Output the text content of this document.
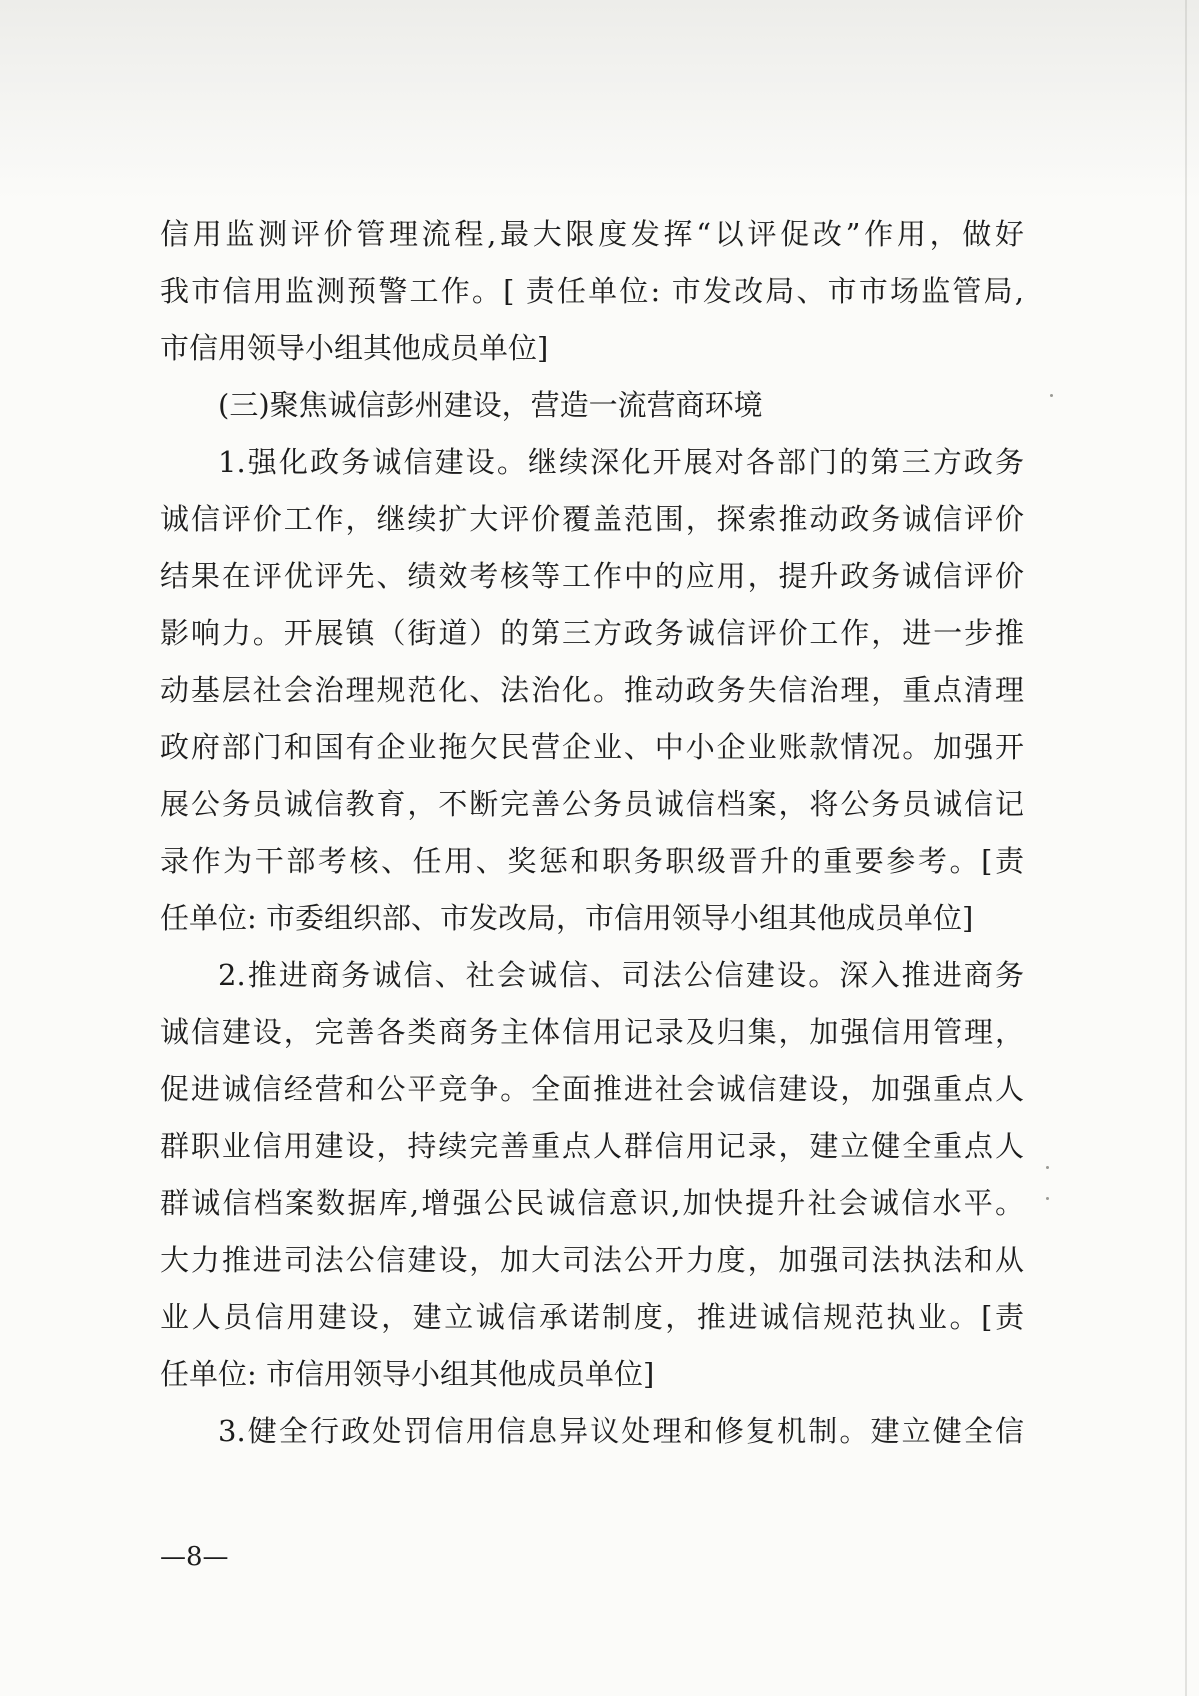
信用监测评价管理流程,最大限度发挥“以评促改”作用，做好
我市信用监测预警工作。[ 责任单位: 市发改局、市市场监管局,
市信用领导小组其他成员单位]
(三)聚焦诚信彭州建设，营造一流营商环境
1.强化政务诚信建设。继续深化开展对各部门的第三方政务
诚信评价工作，继续扩大评价覆盖范围，探索推动政务诚信评价
结果在评优评先、绩效考核等工作中的应用，提升政务诚信评价
影响力。开展镇（街道）的第三方政务诚信评价工作，进一步推
动基层社会治理规范化、法治化。推动政务失信治理，重点清理
政府部门和国有企业拖欠民营企业、中小企业账款情况。加强开
展公务员诚信教育，不断完善公务员诚信档案，将公务员诚信记
录作为干部考核、任用、奖惩和职务职级晋升的重要参考。[责
任单位: 市委组织部、市发改局，市信用领导小组其他成员单位]
2.推进商务诚信、社会诚信、司法公信建设。深入推进商务
诚信建设，完善各类商务主体信用记录及归集，加强信用管理，
促进诚信经营和公平竞争。全面推进社会诚信建设，加强重点人
群职业信用建设，持续完善重点人群信用记录，建立健全重点人
群诚信档案数据库,增强公民诚信意识,加快提升社会诚信水平。
大力推进司法公信建设，加大司法公开力度，加强司法执法和从
业人员信用建设，建立诚信承诺制度，推进诚信规范执业。[责
任单位: 市信用领导小组其他成员单位]
3.健全行政处罚信用信息异议处理和修复机制。建立健全信
—8—
